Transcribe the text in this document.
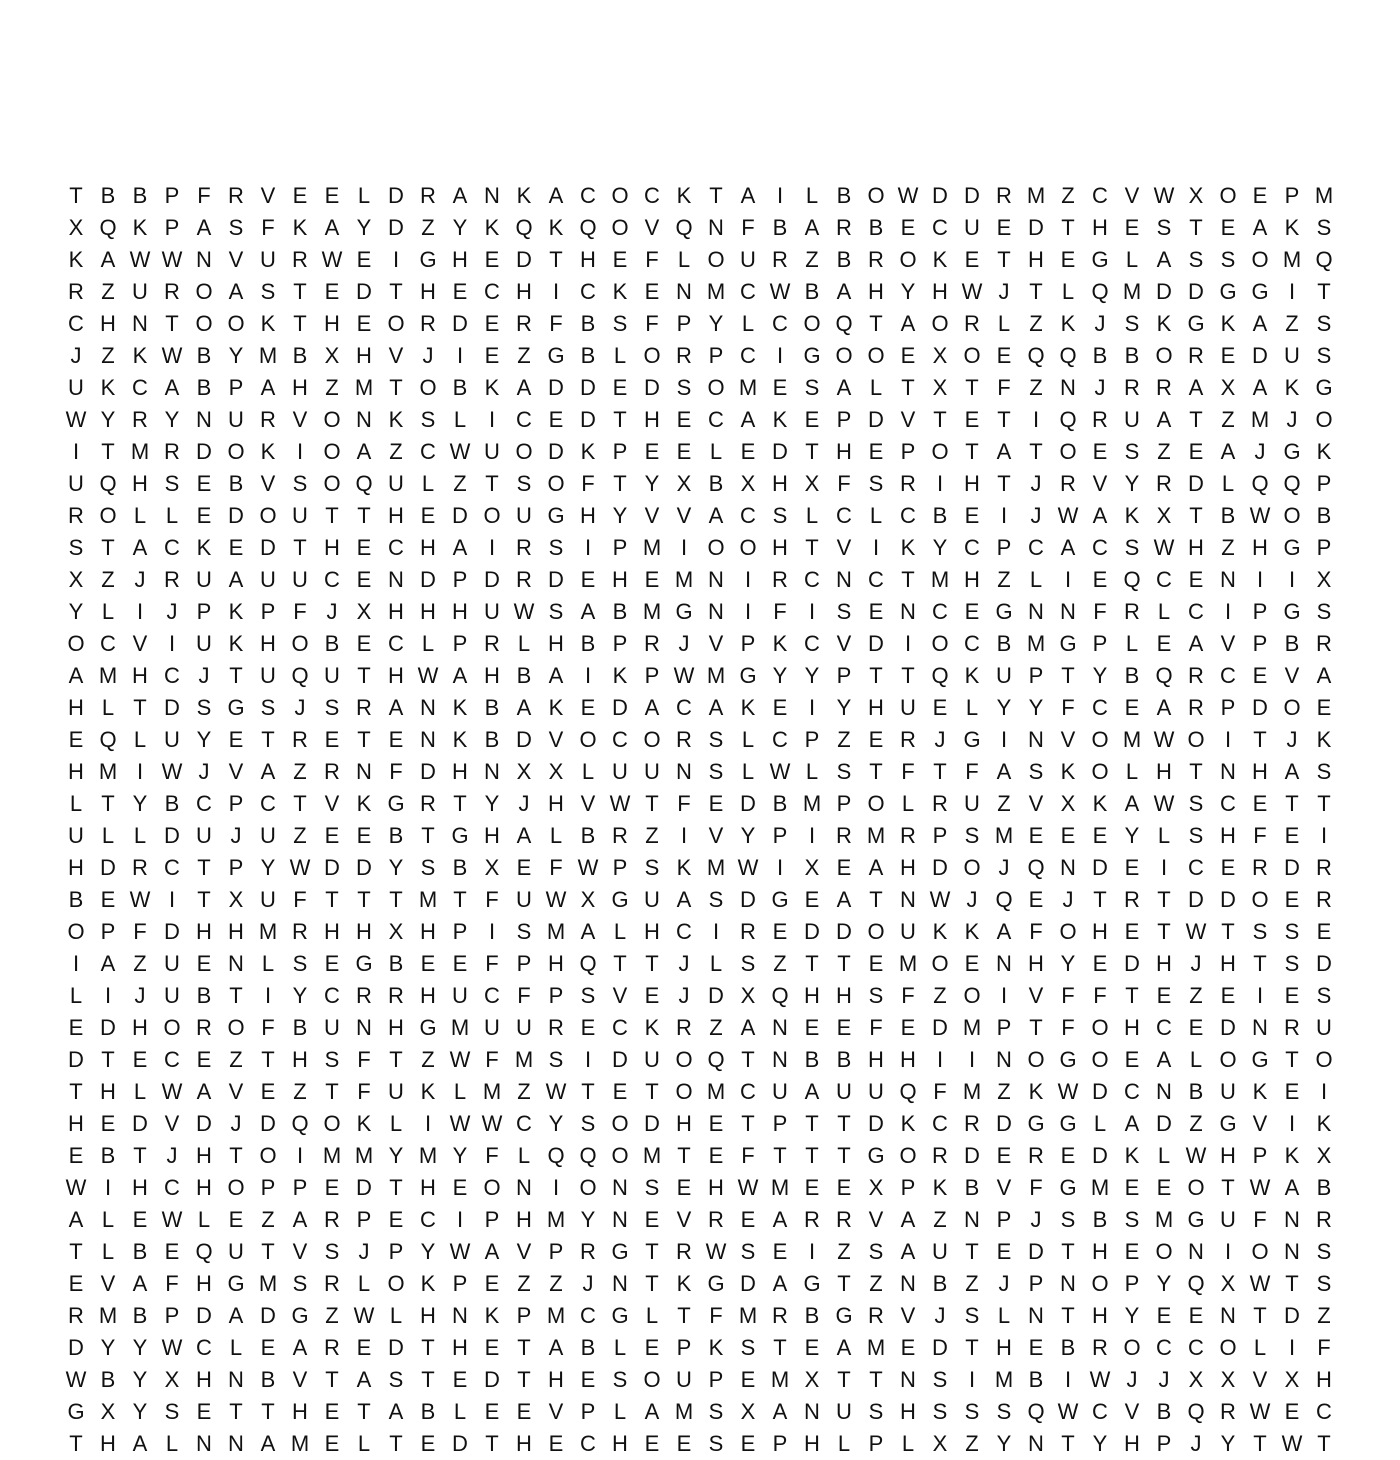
T B B P F R V E E L D R A N K A C O C K T A I	L B O W D D R M Z C V W X O E P M
X Q K P A S F K A Y D Z Y K Q K Q O V Q N F B A R B E C U E D T H E S T E A K S
K A W W N V U R W E I G H E D T H E F L O U R Z B R O K E T H E G L A S S O M Q
R Z U R O A S T E D T H E C H I C K E N M C W B A H Y H W J T L Q M D D G G I	T
C H N T O O K T H E O R D E R F B S F P Y L C O Q T A O R L Z K J S K G K A Z S
J Z K W B Y M B X H V J	I E Z G B L O R P C I G O O E X O E Q Q B B O R E D U S
U K C A B P A H Z M T O B K A D D E D S O M E S A L T X T F Z N J R R A X A K G
W Y R Y N U R V O N K S L	I C E D T H E C A K E P D V T E T	I Q R U A T Z M J O
I	T M R D O K I O A Z C W U O D K P E E L E D T H E P O T A T O E S Z E A J G K
U Q H S E B V S O Q U L Z T S O F T Y X B X H X F S R I H T J R V Y R D L Q Q P
R O L L E D O U T T H E D O U G H Y V V A C S L C L C B E I	J W A K X T B W O B
S T A C K E D T H E C H A I R S I P M I O O H T V I K Y C P C A C S W H Z H G P
X Z J R U A U U C E N D P D R D E H E M N I R C N C T M H Z L	I E Q C E N I	I X
Y L	I	J P K P F J X H H H U W S A B M G N I	F	I S E N C E G N N F R L C I P G S
O C V I U K H O B E C L P R L H B P R J V P K C V D I O C B M G P L E A V P B R
A M H C J T U Q U T H W A H B A I K P W M G Y Y P T T Q K U P T Y B Q R C E V A
H L T D S G S J S R A N K B A K E D A C A K E I Y H U E L Y Y F C E A R P D O E
E Q L U Y E T R E T E N K B D V O C O R S L C P Z E R J G I N V O M W O I	T J K
H M I W J V A Z R N F D H N X X L U U N S L W L S T F T F A S K O L H T N H A S
L T Y B C P C T V K G R T Y J H V W T F E D B M P O L R U Z V X K A W S C E T T
U L L D U J U Z E E B T G H A L B R Z	I V Y P I R M R P S M E E E Y L S H F E I
H D R C T P Y W D D Y S B X E F W P S K M W I X E A H D O J Q N D E I C E R D R
B E W I	T X U F T T T M T F U W X G U A S D G E A T N W J Q E J T R T D D O E R
O P F D H H M R H H X H P I S M A L H C I R E D D O U K K A F O H E T W T S S E
I A Z U E N L S E G B E E F P H Q T T J L S Z T T E M O E N H Y E D H J H T S D
L	I	J U B T	I Y C R R H U C F P S V E J D X Q H H S F Z O I V F F T E Z E I E S
E D H O R O F B U N H G M U U R E C K R Z A N E E F E D M P T F O H C E D N R U
D T E C E Z T H S F T Z W F M S I D U O Q T N B B H H I	I N O G O E A L O G T O
T H L W A V E Z T F U K L M Z W T E T O M C U A U U Q F M Z K W D C N B U K E I
H E D V D J D Q O K L	I W W C Y S O D H E T P T T D K C R D G G L A D Z G V I K
E B T J H T O I M M Y M Y F L Q Q O M T E F T T T G O R D E R E D K L W H P K X
W I H C H O P P E D T H E O N I O N S E H W M E E X P K B V F G M E E O T W A B
A L E W L E Z A R P E C I P H M Y N E V R E A R R V A Z N P J S B S M G U F N R
T L B E Q U T V S J P Y W A V P R G T R W S E I	Z S A U T E D T H E O N I O N S
E V A F H G M S R L O K P E Z Z J N T K G D A G T Z N B Z J P N O P Y Q X W T S
R M B P D A D G Z W L H N K P M C G L T F M R B G R V J S L N T H Y E E N T D Z
D Y Y W C L E A R E D T H E T A B L E P K S T E A M E D T H E B R O C C O L	I	F
W B Y X H N B V T A S T E D T H E S O U P E M X T T N S I M B I W J J X X V X H
G X Y S E T T H E T A B L E E V P L A M S X A N U S H S S S Q W C V B Q R W E C
T H A L N N A M E L T E D T H E C H E E S E P H L P L X Z Y N T Y H P J Y T W T
